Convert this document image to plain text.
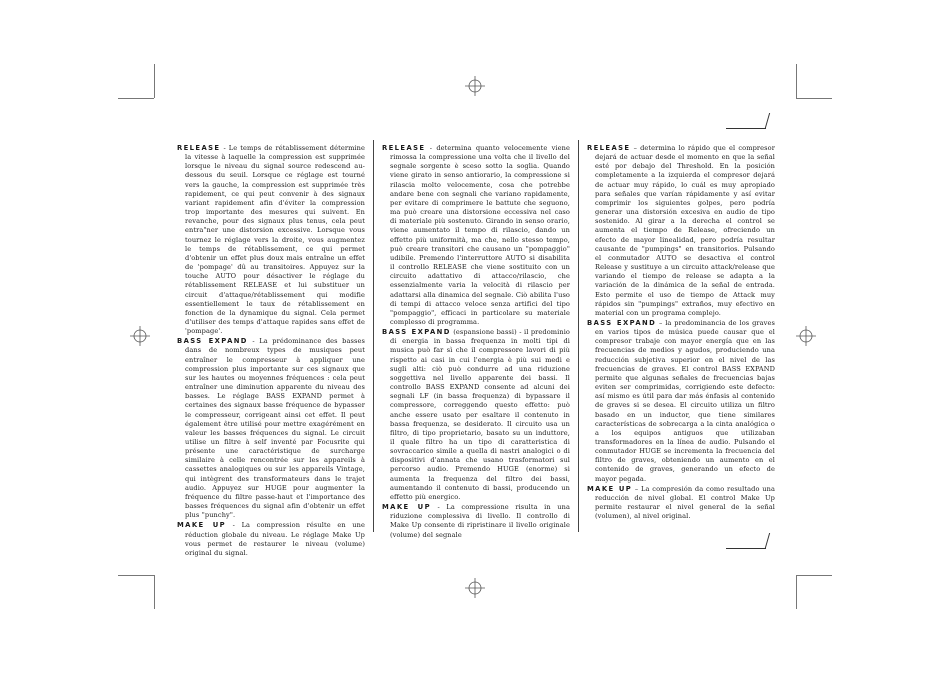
RELEASE - Le temps de rétablissement détermine la vitesse à laquelle la compression est supprimée lorsque le niveau du signal source redescend au-dessous du seuil. Lorsque ce réglage est tourné vers la gauche, la compression est supprimée très rapidement, ce qui peut convenir à des signaux variant rapidement afin d'éviter la compression trop importante des mesures qui suivent. En revanche, pour des signaux plus tenus, cela peut entra"ner une distorsion excessive. Lorsque vous tournez le réglage vers la droite, vous augmentez le temps de rétablissement, ce qui permet d'obtenir un effet plus doux mais entraîne un effet de 'pompage' dû au transitoires. Appuyez sur la touche AUTO pour désactiver le réglage du rétablissement RELEASE et lui substituer un circuit d'attaque/rétablissement qui modifie essentiellement le taux de rétablissement en fonction de la dynamique du signal. Cela permet d'utiliser des temps d'attaque rapides sans effet de 'pompage'.

BASS EXPAND - La prédominance des basses dans de nombreux types de musiques peut entraîner le compresseur à appliquer une compression plus importante sur ces signaux que sur les hautes ou moyennes fréquences : cela peut entraîner une diminution apparente du niveau des basses. Le réglage BASS EXPAND permet à certaines des signaux basse fréquence de bypasser le compresseur, corrigeant ainsi cet effet. Il peut également être utilisé pour mettre exagérément en valeur les basses fréquences du signal. Le circuit utilise un filtre à self inventé par Focusrite qui présente une caractéristique de surcharge similaire à celle rencontrée sur les appareils à cassettes analogiques ou sur les appareils Vintage, qui intègrent des transformateurs dans le trajet audio. Appuyez sur HUGE pour augmenter la fréquence du filtre passe-haut et l'importance des basses fréquences du signal afin d'obtenir un effet plus "punchy".

MAKE UP - La compression résulte en une réduction globale du niveau. Le réglage Make Up vous permet de restaurer le niveau (volume) original du signal.

RELEASE - determina quanto velocemente viene rimossa la compressione una volta che il livello del segnale sorgente è sceso sotto la soglia. Quando viene girato in senso antiorario, la compressione si rilascia molto velocemente, cosa che potrebbe andare bene con segnali che variano rapidamente, per evitare di comprimere le battute che seguono, ma può creare una distorsione eccessiva nel caso di materiale più sostenuto. Girando in senso orario, viene aumentato il tempo di rilascio, dando un effetto più uniformità, ma che, nello stesso tempo, può creare transitori che causano un "pompaggio" udibile. Premendo l'interruttore AUTO si disabilita il controllo RELEASE che viene sostituito con un circuito adattativo di attacco/rilascio, che essenzialmente varia la velocità di rilascio per adattarsi alla dinamica del segnale. Ciò abilita l'uso di tempi di attacco veloce senza artifici del tipo "pompaggio", efficaci in particolare su materiale complesso di programma.

BASS EXPAND (espansione bassi) - il predominio di energia in bassa frequenza in molti tipi di musica può far sì che il compressore lavori di più rispetto ai casi in cui l'energia è più sui medi e sugli alti: ciò può condurre ad una riduzione soggettiva nel livello apparente dei bassi. Il controllo BASS EXPAND consente ad alcuni dei segnali LF (in bassa frequenza) di bypassare il compressore, correggendo questo effetto: può anche essere usato per esaltare il contenuto in bassa frequenza, se desiderato. Il circuito usa un filtro, di tipo proprietario, basato su un induttore, il quale filtro ha un tipo di caratteristica di sovraccarico simile a quella di nastri analogici o di dispositivi d'annata che usano trasformatori sul percorso audio. Premendo HUGE (enorme) si aumenta la frequenza del filtro dei bassi, aumentando il contenuto di bassi, producendo un effetto più energico.

MAKE UP - La compressione risulta in una riduzione complessiva di livello. Il controllo di Make Up consente di ripristinare il livello originale (volume) del segnale

RELEASE – determina lo rápido que el compresor dejará de actuar desde el momento en que la señal esté por debajo del Threshold. En la posición completamente a la izquierda el compresor dejará de actuar muy rápido, lo cuál es muy apropiado para señales que varían rápidamente y así evitar comprimir los siguientes golpes, pero podría generar una distorsión excesiva en audio de tipo sostenido. Al girar a la derecha el control se aumenta el tiempo de Release, ofreciendo un efecto de mayor linealidad, pero podría resultar causante de "pumpings" en transitorios. Pulsando el conmutador AUTO se desactiva el control Release y sustituye a un circuito attack/release que variando el tiempo de release se adapta a la variación de la dinámica de la señal de entrada. Esto permite el uso de tiempo de Attack muy rápidos sin "pumpings" extraños, muy efectivo en material con un programa complejo.

BASS EXPAND – la predominancia de los graves en varios tipos de música puede causar que el compresor trabaje con mayor energía que en las frecuencias de medios y agudos, produciendo una reducción subjetiva superior en el nivel de las frecuencias de graves. El control BASS EXPAND permite que algunas señales de frecuencias bajas eviten ser comprimidas, corrigiendo este defecto: así mismo es útil para dar más énfasis al contenido de graves si se desea. El circuito utiliza un filtro basado en un inductor, que tiene similares características de sobrecarga a la cinta analógica o a los equipos antiguos que utilizaban transformadores en la línea de audio. Pulsando el conmutador HUGE se incrementa la frecuencia del filtro de graves, obteniendo un aumento en el contenido de graves, generando un efecto de mayor pegada.

MAKE UP – La compresión da como resultado una reducción de nivel global. El control Make Up permite restaurar el nivel general de la señal (volumen), al nivel original.
